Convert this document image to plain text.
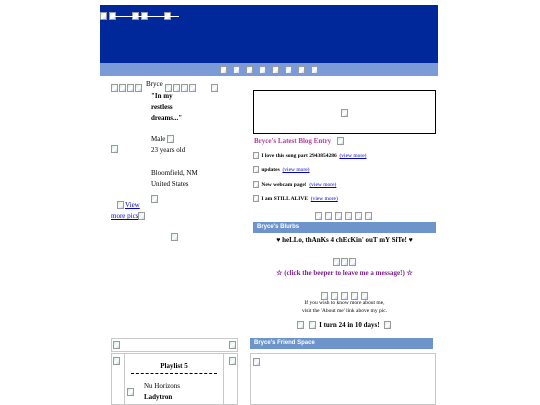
Bryce

"In my
restless
dreams..."
Male
23 years old
Bloomfield, NM
United States
View
more pics
Bryce's Latest Blog Entry
I love this song part 2943854286 (view more)
updates (view more)
New webcam page! (view more)
I am STILL ALIVE (view more)
Bryce's Blurbs
♥ heLLo, thAnKs 4 chEcKin' ouT mY SiTe! ♥
☆ (click the beeper to leave me a message!) ☆
If you wish to know more about me,
visit the 'About me' link above my pic.
I turn 24 in 10 days!
Playlist 5
Nu Horizons
Ladytron
Bryce's Friend Space
